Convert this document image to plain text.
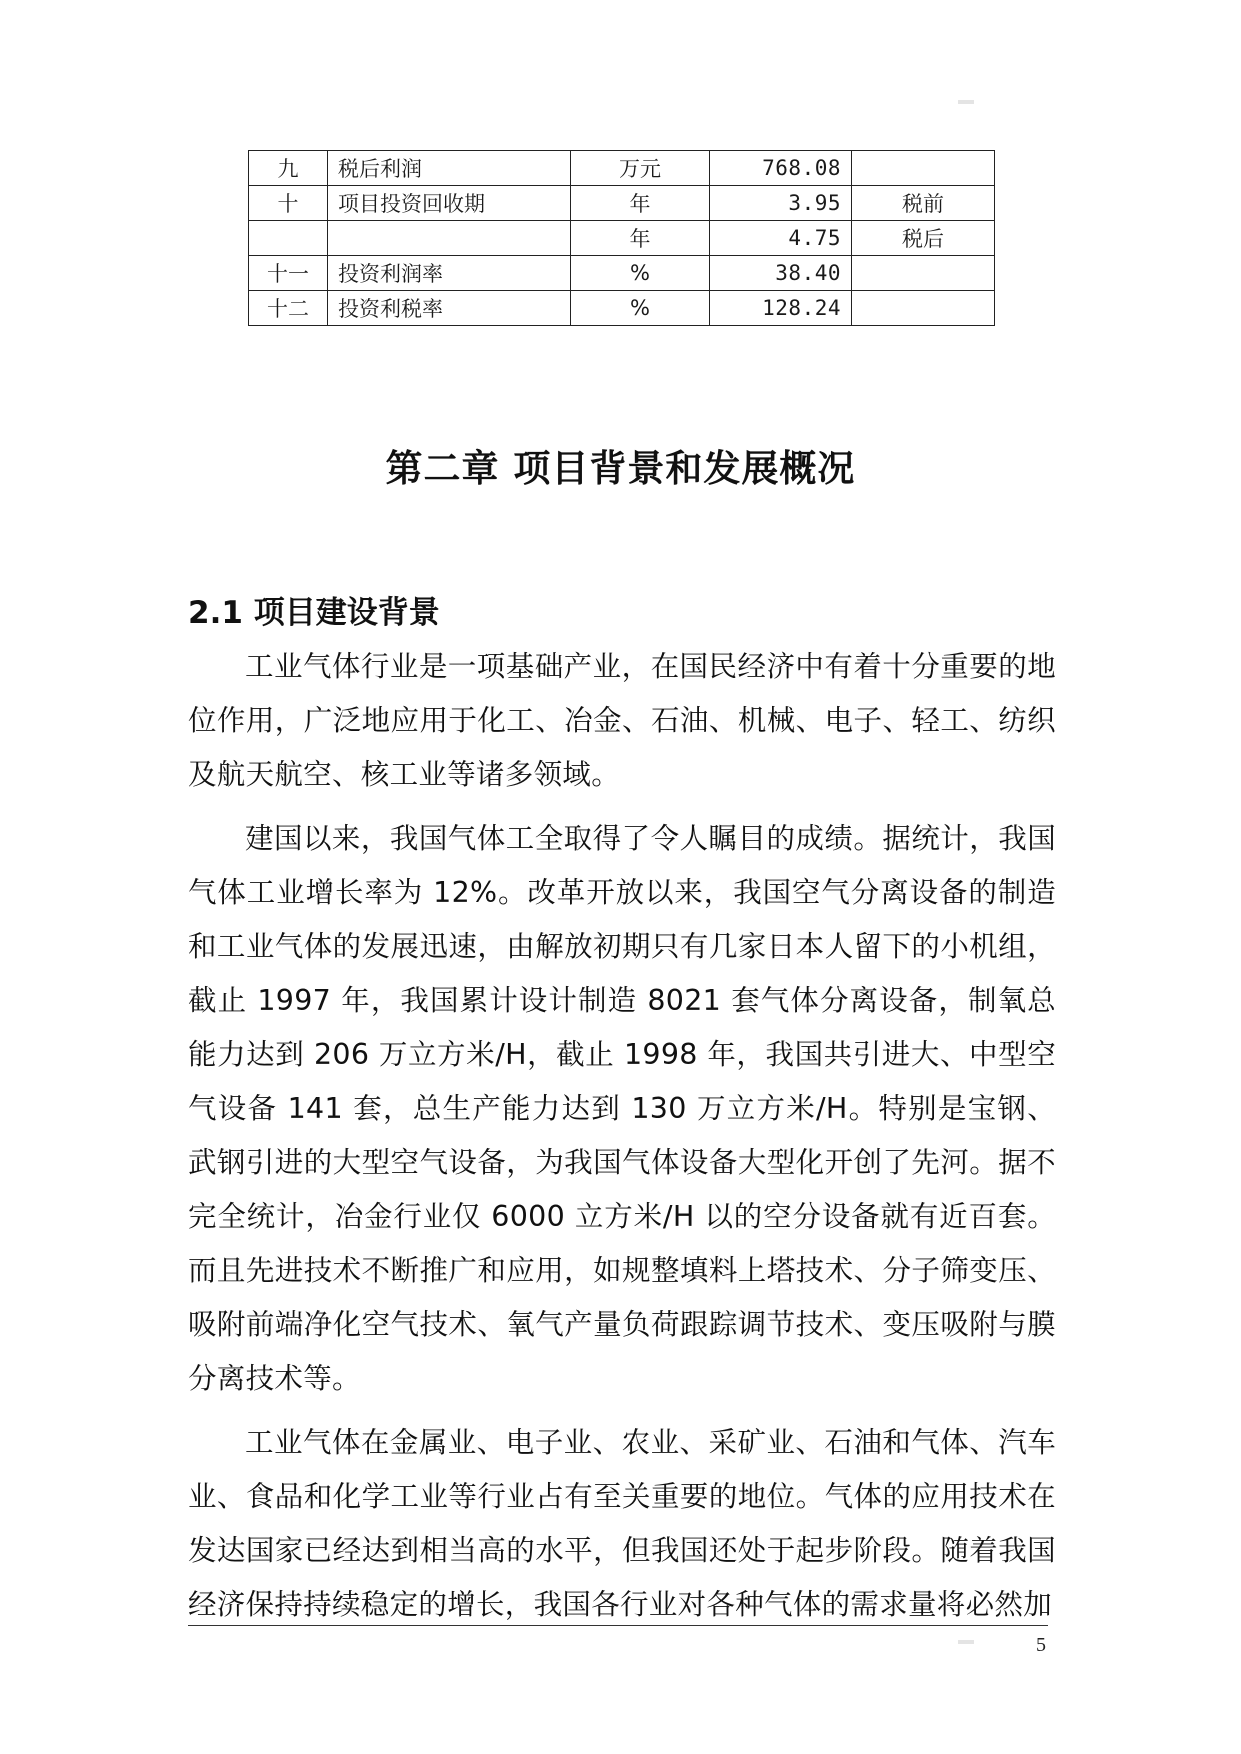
九	税后利润	万元	768.08	
十	项目投资回收期	年	3.95	税前
		年	4.75	税后
十一	投资利润率	%	38.40	
十二	投资利税率	%	128.24	
第二章 项目背景和发展概况
2.1 项目建设背景

工业气体行业是一项基础产业，在国民经济中有着十分重要的地位作用，广泛地应用于化工、冶金、石油、机械、电子、轻工、纺织及航天航空、核工业等诸多领域。

建国以来，我国气体工全取得了令人瞩目的成绩。据统计，我国气体工业增长率为 12%。改革开放以来，我国空气分离设备的制造和工业气体的发展迅速，由解放初期只有几家日本人留下的小机组，截止 1997 年，我国累计设计制造 8021 套气体分离设备，制氧总能力达到 206 万立方米/H，截止 1998 年，我国共引进大、中型空气设备 141 套，总生产能力达到 130 万立方米/H。特别是宝钢、武钢引进的大型空气设备，为我国气体设备大型化开创了先河。据不完全统计，冶金行业仅 6000 立方米/H 以的空分设备就有近百套。而且先进技术不断推广和应用，如规整填料上塔技术、分子筛变压、吸附前端净化空气技术、氧气产量负荷跟踪调节技术、变压吸附与膜分离技术等。

工业气体在金属业、电子业、农业、采矿业、石油和气体、汽车业、食品和化学工业等行业占有至关重要的地位。气体的应用技术在发达国家已经达到相当高的水平，但我国还处于起步阶段。随着我国经济保持持续稳定的增长，我国各行业对各种气体的需求量将必然加

5
